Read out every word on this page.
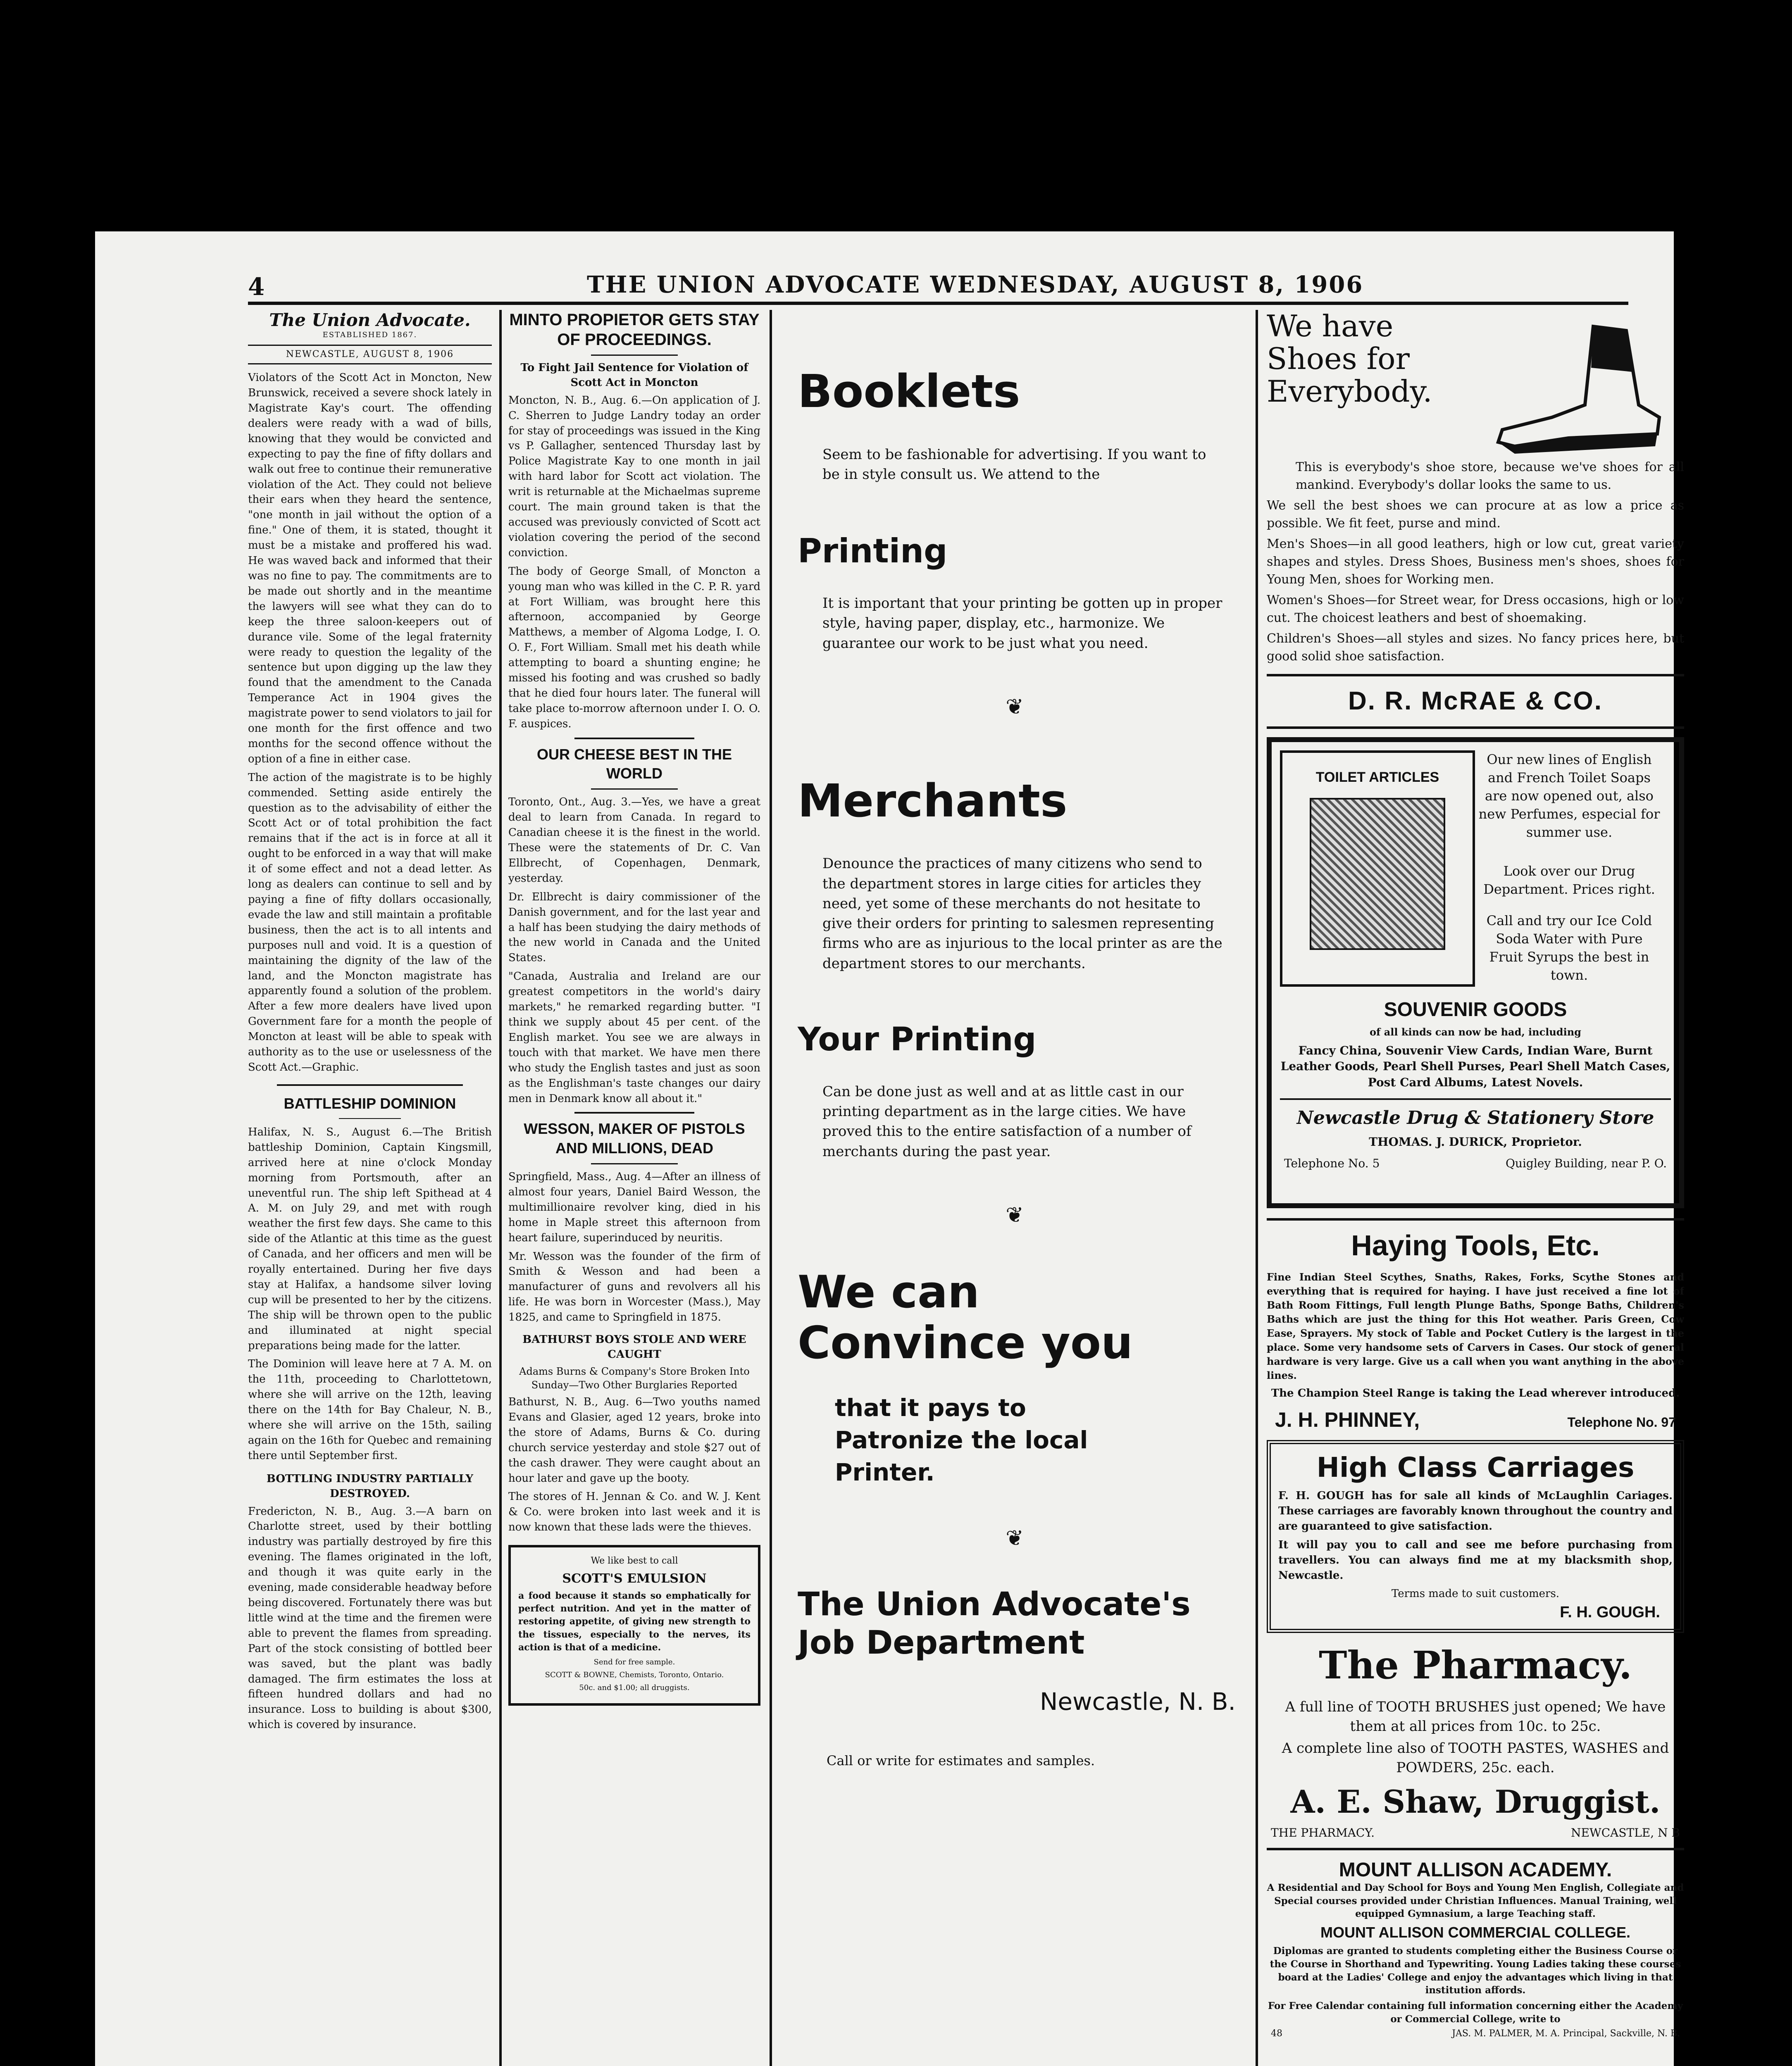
4	THE UNION ADVOCATE WEDNESDAY, AUGUST 8, 1906
The Union Advocate.
ESTABLISHED 1867.
NEWCASTLE, AUGUST 8, 1906

Violators of the Scott Act in Moncton, New Brunswick, received a severe shock lately in Magistrate Kay's court. The offending dealers were ready with a wad of bills, knowing that they would be convicted and expecting to pay the fine of fifty dollars and walk out free to continue their remunerative violation of the Act. They could not believe their ears when they heard the sentence, "one month in jail without the option of a fine." One of them, it is stated, thought it must be a mistake and proffered his wad. He was waved back and informed that their was no fine to pay. The commitments are to be made out shortly and in the meantime the lawyers will see what they can do to keep the three saloon-keepers out of durance vile. Some of the legal fraternity were ready to question the legality of the sentence but upon digging up the law they found that the amendment to the Canada Temperance Act in 1904 gives the magistrate power to send violators to jail for one month for the first offence and two months for the second offence without the option of a fine in either case.

The action of the magistrate is to be highly commended. Setting aside entirely the question as to the advisability of either the Scott Act or of total prohibition the fact remains that if the act is in force at all it ought to be enforced in a way that will make it of some effect and not a dead letter. As long as dealers can continue to sell and by paying a fine of fifty dollars occasionally, evade the law and still maintain a profitable business, then the act is to all intents and purposes null and void. It is a question of maintaining the dignity of the law of the land, and the Moncton magistrate has apparently found a solution of the problem. After a few more dealers have lived upon Government fare for a month the people of Moncton at least will be able to speak with authority as to the use or uselessness of the Scott Act.—Graphic.

BATTLESHIP DOMINION

Halifax, N. S., August 6.—The British battleship Dominion, Captain Kingsmill, arrived here at nine o'clock Monday morning from Portsmouth, after an uneventful run. The ship left Spithead at 4 A. M. on July 29, and met with rough weather the first few days. She came to this side of the Atlantic at this time as the guest of Canada, and her officers and men will be royally entertained. During her five days stay at Halifax, a handsome silver loving cup will be presented to her by the citizens. The ship will be thrown open to the public and illuminated at night special preparations being made for the latter.

The Dominion will leave here at 7 A. M. on the 11th, proceeding to Charlottetown, where she will arrive on the 12th, leaving there on the 14th for Bay Chaleur, N. B., where she will arrive on the 15th, sailing again on the 16th for Quebec and remaining there until September first.

BOTTLING INDUSTRY PARTIALLY DESTROYED.

Fredericton, N. B., Aug. 3.—A barn on Charlotte street, used by their bottling industry was partially destroyed by fire this evening. The flames originated in the loft, and though it was quite early in the evening, made considerable headway before being discovered. Fortunately there was but little wind at the time and the firemen were able to prevent the flames from spreading. Part of the stock consisting of bottled beer was saved, but the plant was badly damaged. The firm estimates the loss at fifteen hundred dollars and had no insurance. Loss to building is about $300, which is covered by insurance.

MINTO PROPIETOR GETS STAY OF PROCEEDINGS.

To Fight Jail Sentence for Violation of Scott Act in Moncton

Moncton, N. B., Aug. 6.—On application of J. C. Sherren to Judge Landry today an order for stay of proceedings was issued in the King vs P. Gallagher, sentenced Thursday last by Police Magistrate Kay to one month in jail with hard labor for Scott act violation. The writ is returnable at the Michaelmas supreme court. The main ground taken is that the accused was previously convicted of Scott act violation covering the period of the second conviction.

The body of George Small, of Moncton a young man who was killed in the C. P. R. yard at Fort William, was brought here this afternoon, accompanied by George Matthews, a member of Algoma Lodge, I. O. O. F., Fort William. Small met his death while attempting to board a shunting engine; he missed his footing and was crushed so badly that he died four hours later. The funeral will take place to-morrow afternoon under I. O. O. F. auspices.

OUR CHEESE BEST IN THE WORLD

Toronto, Ont., Aug. 3.—Yes, we have a great deal to learn from Canada. In regard to Canadian cheese it is the finest in the world. These were the statements of Dr. C. Van Ellbrecht, of Copenhagen, Denmark, yesterday.

Dr. Ellbrecht is dairy commissioner of the Danish government, and for the last year and a half has been studying the dairy methods of the new world in Canada and the United States.

"Canada, Australia and Ireland are our greatest competitors in the world's dairy markets," he remarked regarding butter. "I think we supply about 45 per cent. of the English market. You see we are always in touch with that market. We have men there who study the English tastes and just as soon as the Englishman's taste changes our dairy men in Denmark know all about it."

WESSON, MAKER OF PISTOLS AND MILLIONS, DEAD

Springfield, Mass., Aug. 4—After an illness of almost four years, Daniel Baird Wesson, the multimillionaire revolver king, died in his home in Maple street this afternoon from heart failure, superinduced by neuritis.

Mr. Wesson was the founder of the firm of Smith & Wesson and had been a manufacturer of guns and revolvers all his life. He was born in Worcester (Mass.), May 1825, and came to Springfield in 1875.

BATHURST BOYS STOLE AND WERE CAUGHT

Adams Burns & Company's Store Broken Into Sunday—Two Other Burglaries Reported

Bathurst, N. B., Aug. 6—Two youths named Evans and Glasier, aged 12 years, broke into the store of Adams, Burns & Co. during church service yesterday and stole $27 out of the cash drawer. They were caught about an hour later and gave up the booty.

The stores of H. Jennan & Co. and W. J. Kent & Co. were broken into last week and it is now known that these lads were the thieves.

We like best to call

SCOTT'S EMULSION

a food because it stands so emphatically for perfect nutrition. And yet in the matter of restoring appetite, of giving new strength to the tissues, especially to the nerves, its action is that of a medicine.

Send for free sample.

SCOTT & BOWNE, Chemists, Toronto, Ontario.

50c. and $1.00; all druggists.

Booklets

Seem to be fashionable for advertising. If you want to be in style consult us. We attend to the

Printing

It is important that your printing be gotten up in proper style, having paper, display, etc., harmonize. We guarantee our work to be just what you need.

❦
Merchants

Denounce the practices of many citizens who send to the department stores in large cities for articles they need, yet some of these merchants do not hesitate to give their orders for printing to salesmen representing firms who are as injurious to the local printer as are the department stores to our merchants.

Your Printing

Can be done just as well and at as little cast in our printing department as in the large cities. We have proved this to the entire satisfaction of a number of merchants during the past year.

❦
We can
Convince you

that it pays to Patronize the local Printer.

❦
The Union Advocate's
Job Department

Newcastle, N. B.

Call or write for estimates and samples.

We have Shoes for Everybody.

This is everybody's shoe store, because we've shoes for all mankind. Everybody's dollar looks the same to us.

We sell the best shoes we can procure at as low a price as possible. We fit feet, purse and mind.

Men's Shoes—in all good leathers, high or low cut, great variety shapes and styles. Dress Shoes, Business men's shoes, shoes for Young Men, shoes for Working men.

Women's Shoes—for Street wear, for Dress occasions, high or low cut. The choicest leathers and best of shoemaking.

Children's Shoes—all styles and sizes. No fancy prices here, but good solid shoe satisfaction.

D. R. McRAE & CO.
TOILET ARTICLES

Our new lines of English and French Toilet Soaps are now opened out, also new Perfumes, especial for summer use.

Look over our Drug Department. Prices right.

Call and try our Ice Cold Soda Water with Pure Fruit Syrups the best in town.

SOUVENIR GOODS

of all kinds can now be had, including

Fancy China, Souvenir View Cards, Indian Ware, Burnt Leather Goods, Pearl Shell Purses, Pearl Shell Match Cases, Post Card Albums, Latest Novels.

Newcastle Drug & Stationery Store

THOMAS. J. DURICK, Proprietor.

Telephone No. 5	Quigley Building, near P. O.
Haying Tools, Etc.

Fine Indian Steel Scythes, Snaths, Rakes, Forks, Scythe Stones and everything that is required for haying. I have just received a fine lot of Bath Room Fittings, Full length Plunge Baths, Sponge Baths, Children's Baths which are just the thing for this Hot weather. Paris Green, Cow Ease, Sprayers. My stock of Table and Pocket Cutlery is the largest in the place. Some very handsome sets of Carvers in Cases. Our stock of general hardware is very large. Give us a call when you want anything in the above lines.

The Champion Steel Range is taking the Lead wherever introduced.

J. H. PHINNEY,	Telephone No. 97
High Class Carriages

F. H. GOUGH has for sale all kinds of McLaughlin Cariages. These carriages are favorably known throughout the country and are guaranteed to give satisfaction.

It will pay you to call and see me before purchasing from travellers. You can always find me at my blacksmith shop, Newcastle.

Terms made to suit customers.

F. H. GOUGH.
The Pharmacy.

A full line of TOOTH BRUSHES just opened; We have them at all prices from 10c. to 25c.

A complete line also of TOOTH PASTES, WASHES and POWDERS, 25c. each.

A. E. Shaw, Druggist.
THE PHARMACY.	NEWCASTLE, N B
MOUNT ALLISON ACADEMY.

A Residential and Day School for Boys and Young Men English, Collegiate and Special courses provided under Christian Influences. Manual Training, well equipped Gymnasium, a large Teaching staff.

MOUNT ALLISON COMMERCIAL COLLEGE.

Diplomas are granted to students completing either the Business Course or the Course in Shorthand and Typewriting. Young Ladies taking these courses board at the Ladies' College and enjoy the advantages which living in that institution affords.

For Free Calendar containing full information concerning either the Academy or Commercial College, write to

48	JAS. M. PALMER, M. A. Principal, Sackville, N. B.
